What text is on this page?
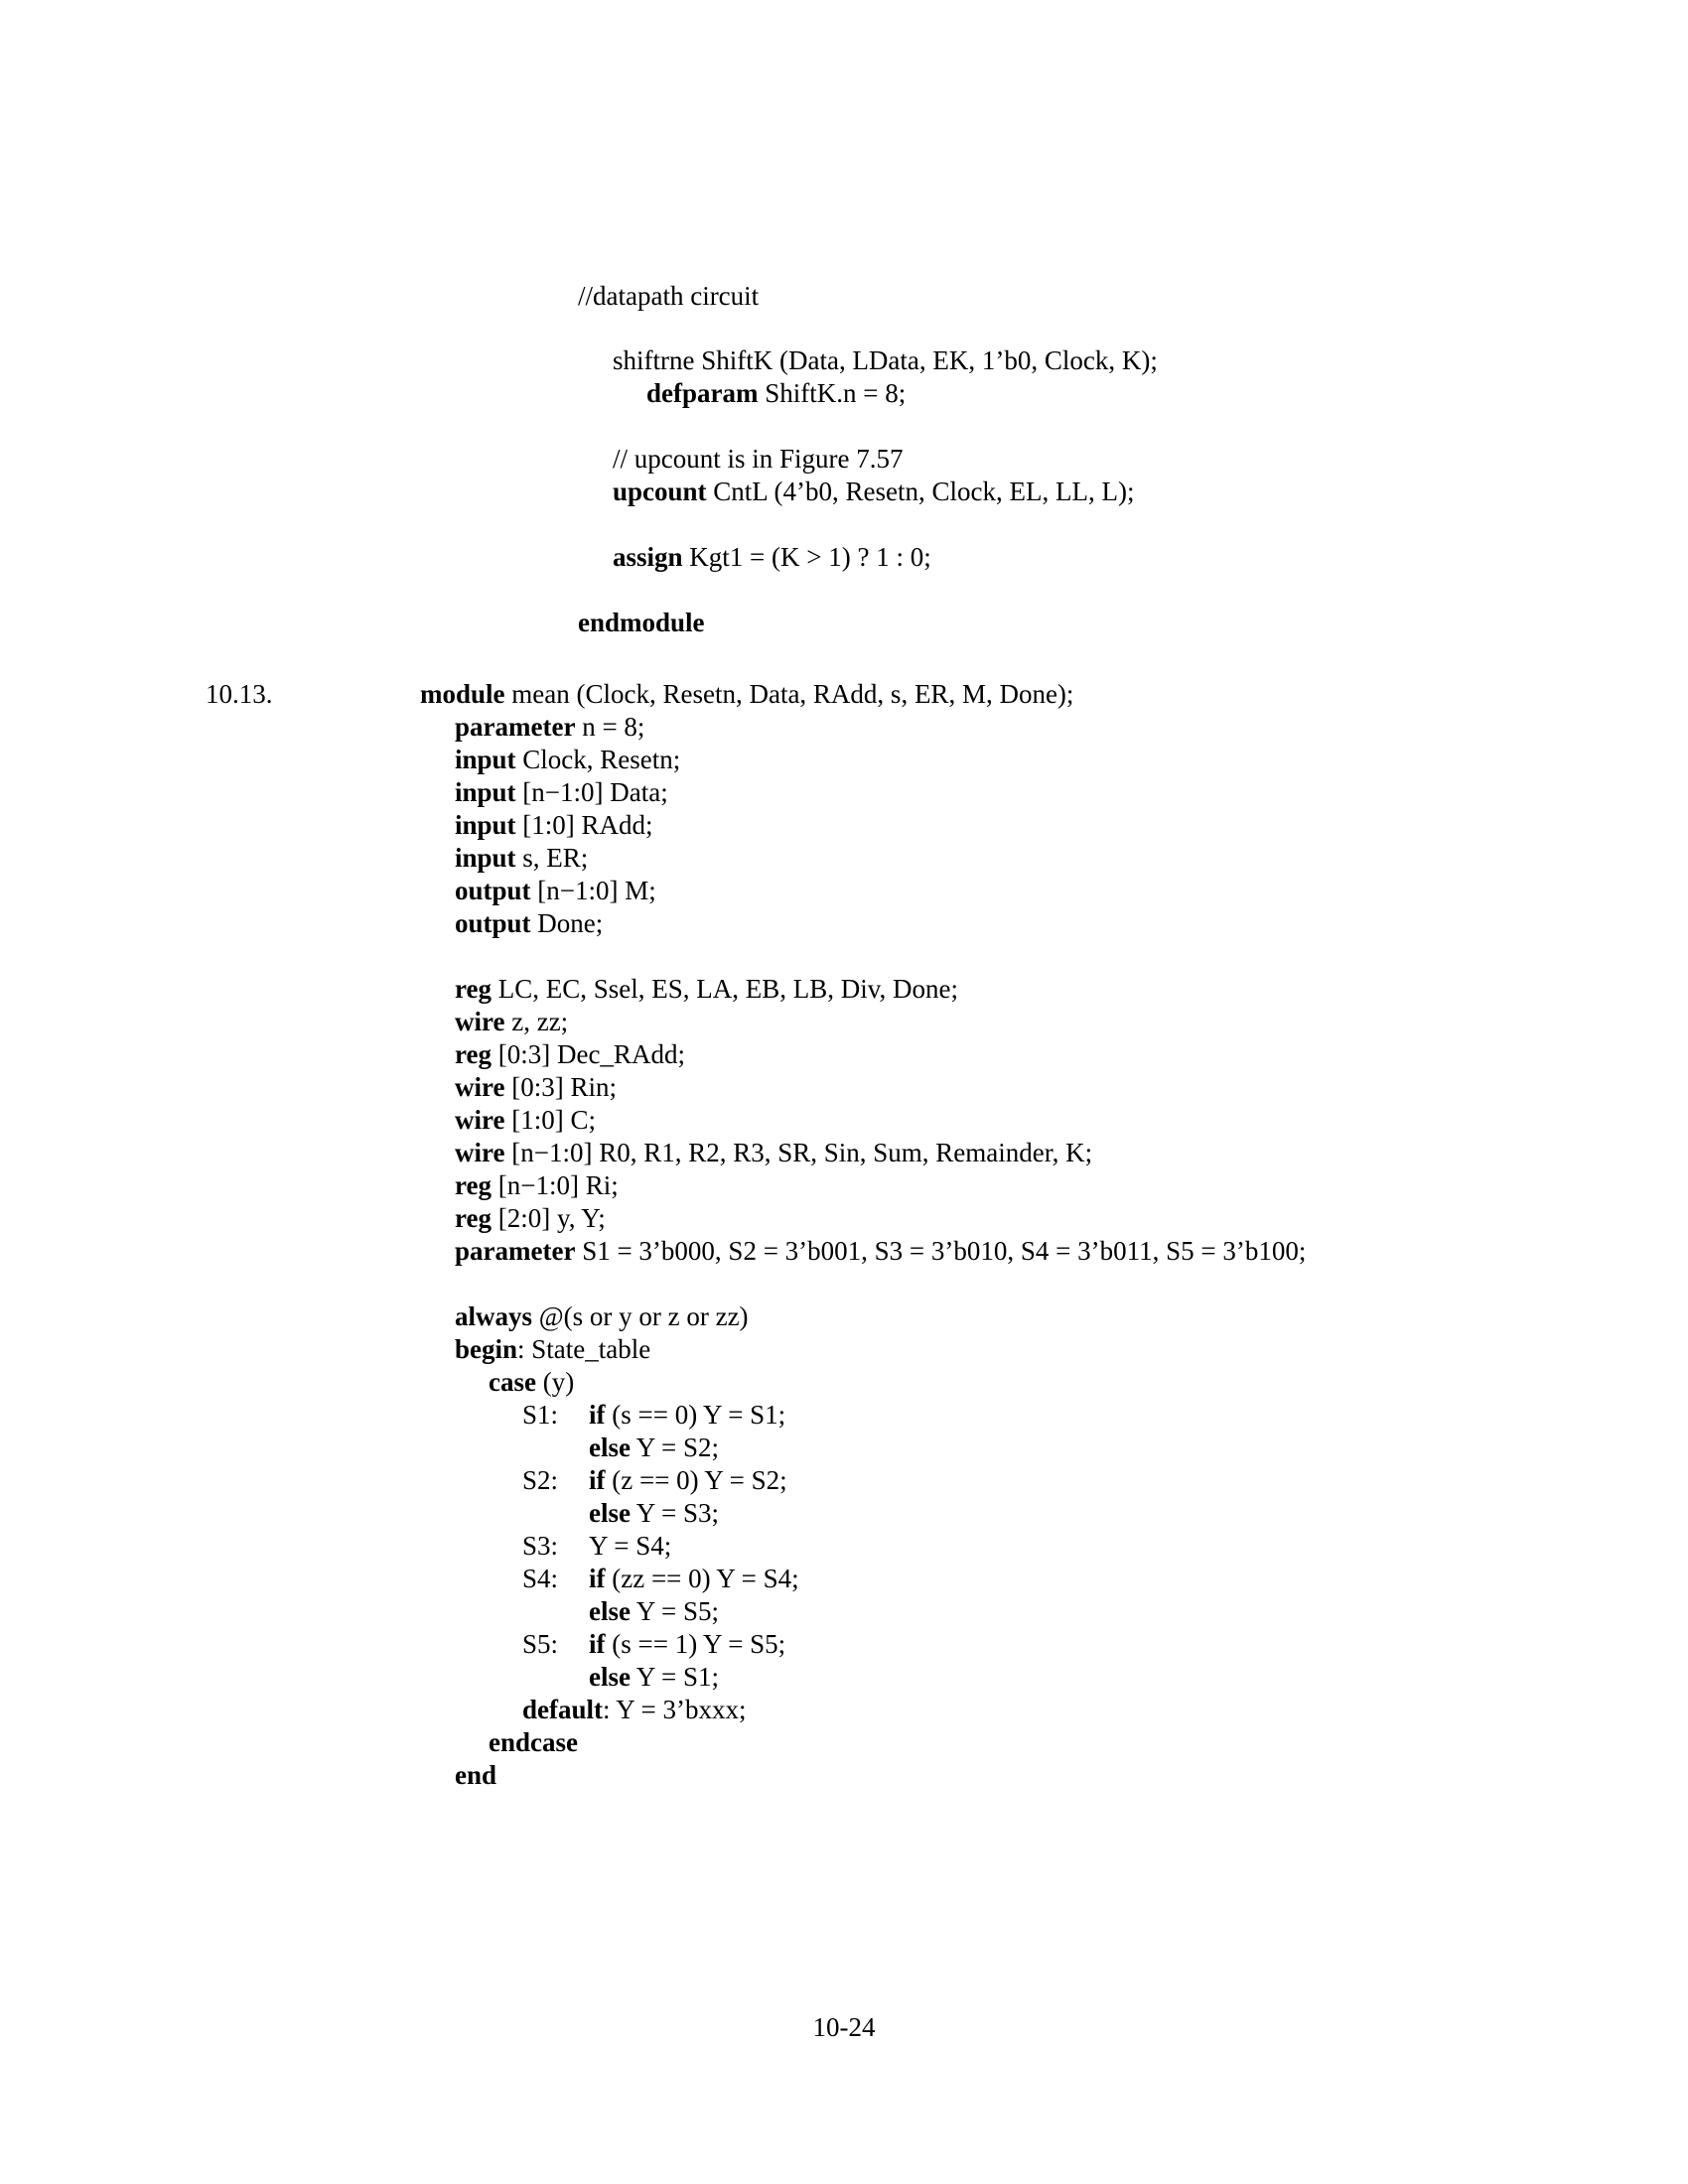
//datapath circuit
shiftrne ShiftK (Data, LData, EK, 1’b0, Clock, K);
defparam ShiftK.n = 8;
// upcount is in Figure 7.57
upcount CntL (4’b0, Resetn, Clock, EL, LL, L);
assign Kgt1 = (K > 1) ? 1 : 0;
endmodule
module mean (Clock, Resetn, Data, RAdd, s, ER, M, Done);
parameter n = 8;
input Clock, Resetn;
input [n−1:0] Data;
input [1:0] RAdd;
input s, ER;
output [n−1:0] M;
output Done;
reg LC, EC, Ssel, ES, LA, EB, LB, Div, Done;
wire z, zz;
reg [0:3] Dec_RAdd;
wire [0:3] Rin;
wire [1:0] C;
wire [n−1:0] R0, R1, R2, R3, SR, Sin, Sum, Remainder, K;
reg [n−1:0] Ri;
reg [2:0] y, Y;
parameter S1 = 3’b000, S2 = 3’b001, S3 = 3’b010, S4 = 3’b011, S5 = 3’b100;
always @(s or y or z or zz)
begin: State_table
case (y)
S1: if (s == 0) Y = S1;
else Y = S2;
S2: if (z == 0) Y = S2;
else Y = S3;
S3: Y = S4;
S4: if (zz == 0) Y = S4;
else Y = S5;
S5: if (s == 1) Y = S5;
else Y = S1;
default: Y = 3’bxxx;
endcase
end
10.13.
10-24
